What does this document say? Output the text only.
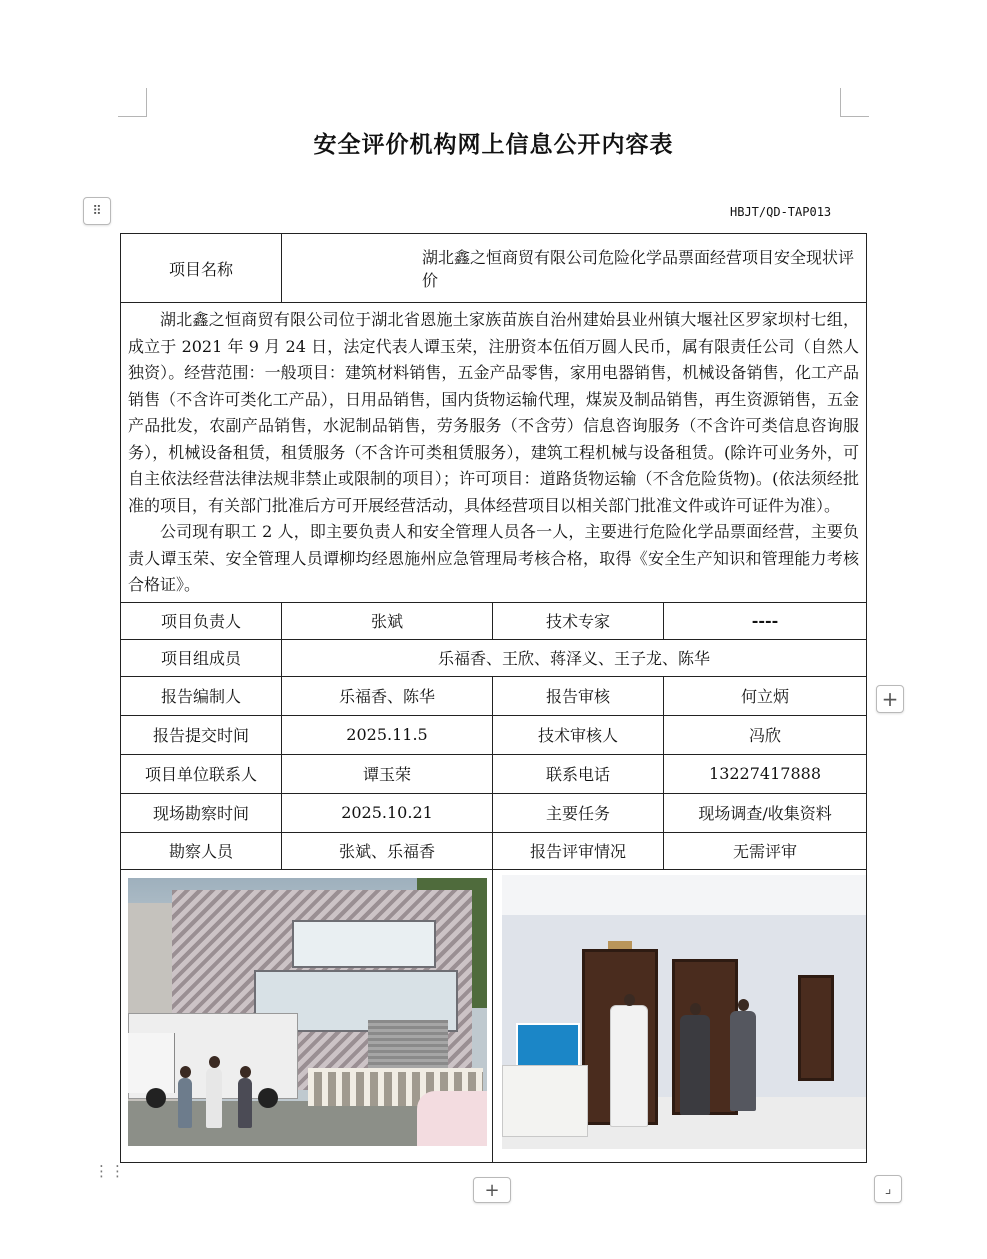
安全评价机构网上信息公开内容表
⠿	HBJT/QD-TAP013
项目名称	湖北鑫之恒商贸有限公司危险化学品票面经营项目安全现状评价		

湖北鑫之恒商贸有限公司位于湖北省恩施土家族苗族自治州建始县业州镇大堰社区罗家坝村七组，成立于 2021 年 9 月 24 日，法定代表人谭玉荣，注册资本伍佰万圆人民币，属有限责任公司（自然人独资）。经营范围：一般项目：建筑材料销售，五金产品零售，家用电器销售，机械设备销售，化工产品销售（不含许可类化工产品），日用品销售，国内货物运输代理，煤炭及制品销售，再生资源销售，五金产品批发，农副产品销售，水泥制品销售，劳务服务（不含劳）信息咨询服务（不含许可类信息咨询服务），机械设备租赁，租赁服务（不含许可类租赁服务），建筑工程机械与设备租赁。(除许可业务外，可自主依法经营法律法规非禁止或限制的项目）；许可项目：道路货物运输（不含危险货物)。(依法须经批准的项目，有关部门批准后方可开展经营活动，具体经营项目以相关部门批准文件或许可证件为准）。

公司现有职工 2 人，即主要负责人和安全管理人员各一人，主要进行危险化学品票面经营，主要负责人谭玉荣、安全管理人员谭柳均经恩施州应急管理局考核合格，取得《安全生产知识和管理能力考核合格证》。			

项目负责人	张斌	技术专家	----
项目组成员	乐福香、王欣、蒋泽义、王子龙、陈华		
报告编制人	乐福香、陈华	报告审核	何立炳
报告提交时间	2025.11.5	技术审核人	冯欣
项目单位联系人	谭玉荣	联系电话	13227417888
现场勘察时间	2025.10.21	主要任务	现场调查/收集资料
勘察人员	张斌、乐福香	报告评审情况	无需评审

+
⋮⋮
+	⌟
